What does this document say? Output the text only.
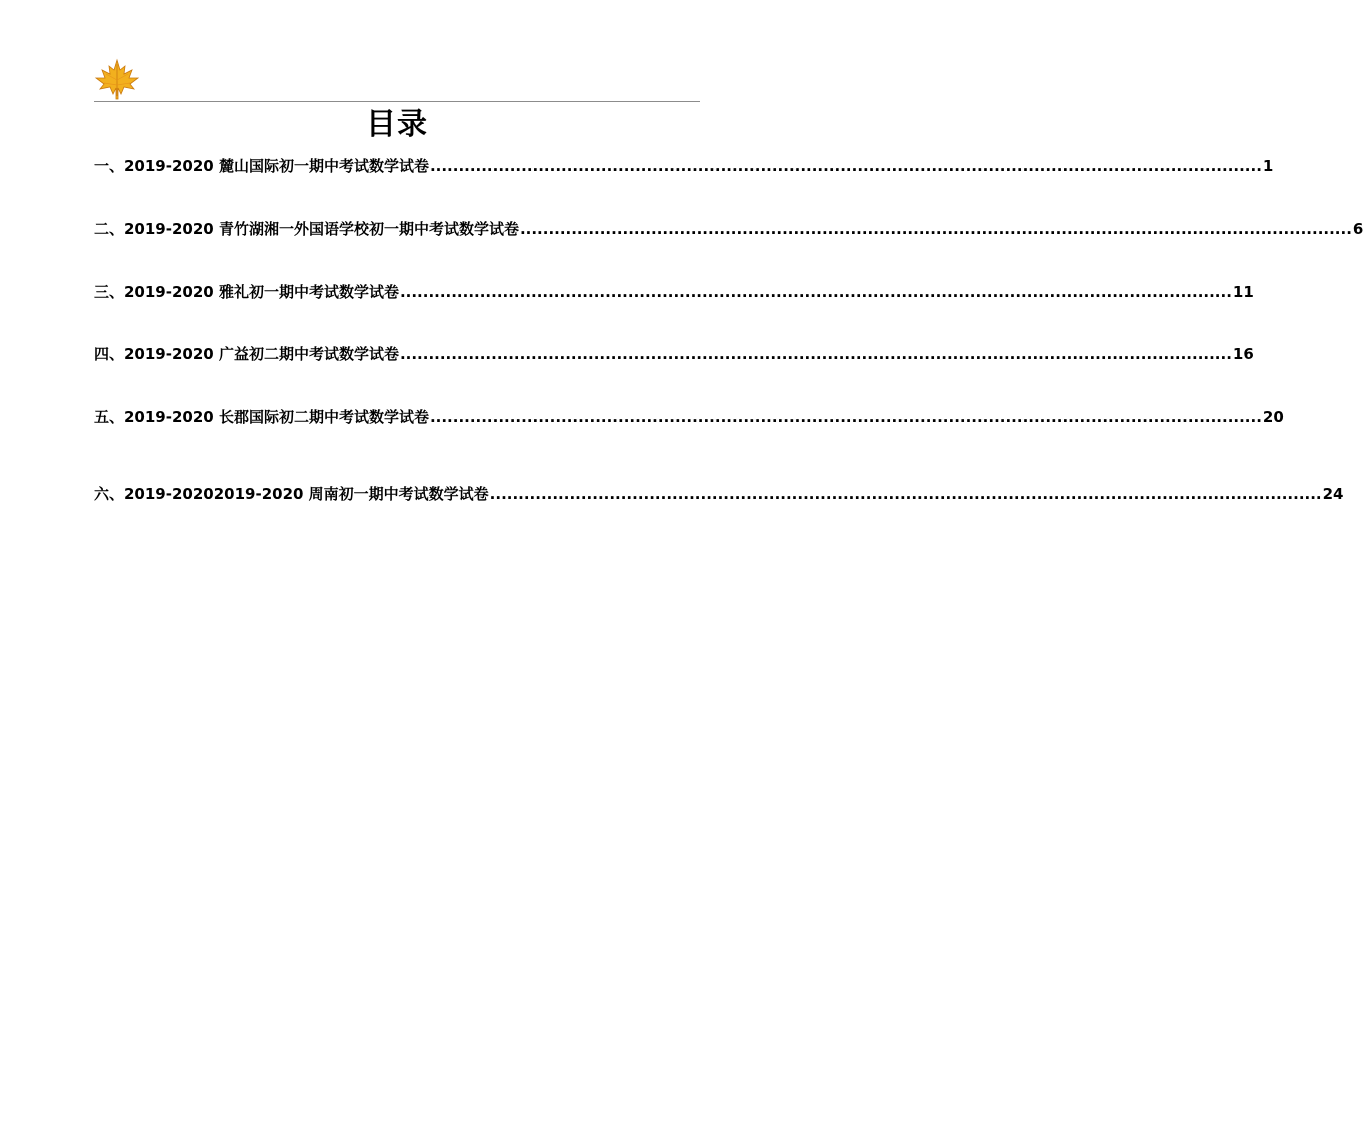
目录
一、2019-2020 麓山国际初一期中考试数学试卷 .................................................................................................................................................. 1
二、2019-2020 青竹湖湘一外国语学校初一期中考试数学试卷 .................................................................................................................................................. 6
三、2019-2020 雅礼初一期中考试数学试卷 .................................................................................................................................................. 11
四、2019-2020 广益初二期中考试数学试卷 .................................................................................................................................................. 16
五、2019-2020 长郡国际初二期中考试数学试卷 .................................................................................................................................................. 20
六、2019-20202019-2020 周南初一期中考试数学试卷 .................................................................................................................................................. 24
